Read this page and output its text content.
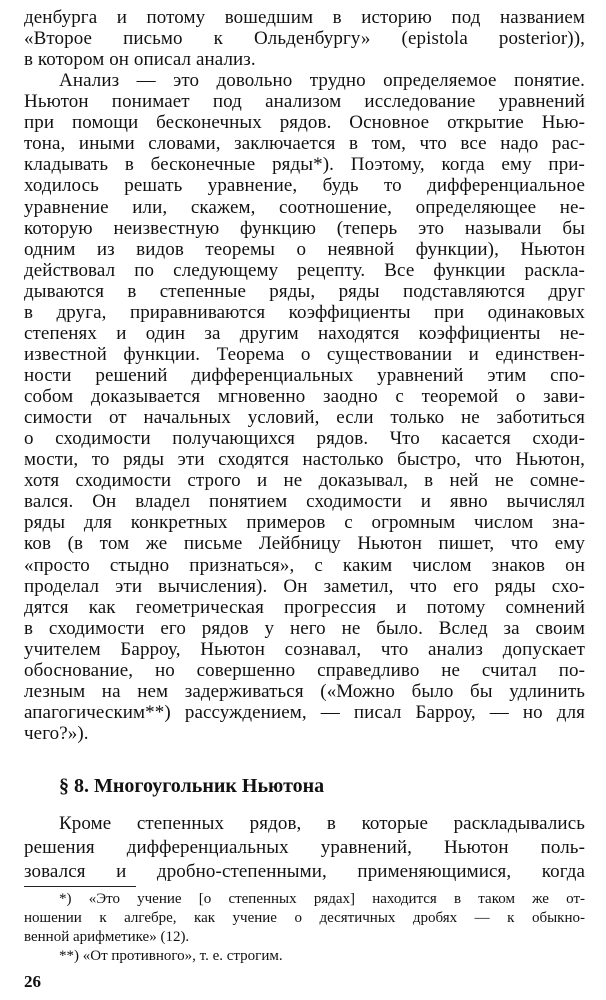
денбурга и потому вошедшим в историю под названием
«Второе письмо к Ольденбургу» (epistola posterior)),
в котором он описал анализ.
Анализ — это довольно трудно определяемое понятие.
Ньютон понимает под анализом исследование уравнений
при помощи бесконечных рядов. Основное открытие Нью-
тона, иными словами, заключается в том, что все надо рас-
кладывать в бесконечные ряды*). Поэтому, когда ему при-
ходилось решать уравнение, будь то дифференциальное
уравнение или, скажем, соотношение, определяющее не-
которую неизвестную функцию (теперь это называли бы
одним из видов теоремы о неявной функции), Ньютон
действовал по следующему рецепту. Все функции раскла-
дываются в степенные ряды, ряды подставляются друг
в друга, приравниваются коэффициенты при одинаковых
степенях и один за другим находятся коэффициенты не-
известной функции. Теорема о существовании и единствен-
ности решений дифференциальных уравнений этим спо-
собом доказывается мгновенно заодно с теоремой о зави-
симости от начальных условий, если только не заботиться
о сходимости получающихся рядов. Что касается сходи-
мости, то ряды эти сходятся настолько быстро, что Ньютон,
хотя сходимости строго и не доказывал, в ней не сомне-
вался. Он владел понятием сходимости и явно вычислял
ряды для конкретных примеров с огромным числом зна-
ков (в том же письме Лейбницу Ньютон пишет, что ему
«просто стыдно признаться», с каким числом знаков он
проделал эти вычисления). Он заметил, что его ряды схо-
дятся как геометрическая прогрессия и потому сомнений
в сходимости его рядов у него не было. Вслед за своим
учителем Барроу, Ньютон сознавал, что анализ допускает
обоснование, но совершенно справедливо не считал по-
лезным на нем задерживаться («Можно было бы удлинить
апагогическим**) рассуждением, — писал Барроу, — но для
чего?»).
§ 8. Многоугольник Ньютона
Кроме степенных рядов, в которые раскладывались
решения дифференциальных уравнений, Ньютон поль-
зовался и дробно-степенными, применяющимися, когда
*) «Это учение [о степенных рядах] находится в таком же от-
ношении к алгебре, как учение о десятичных дробях — к обыкно-
венной арифметике» (12).
**) «От противного», т. е. строгим.
26
